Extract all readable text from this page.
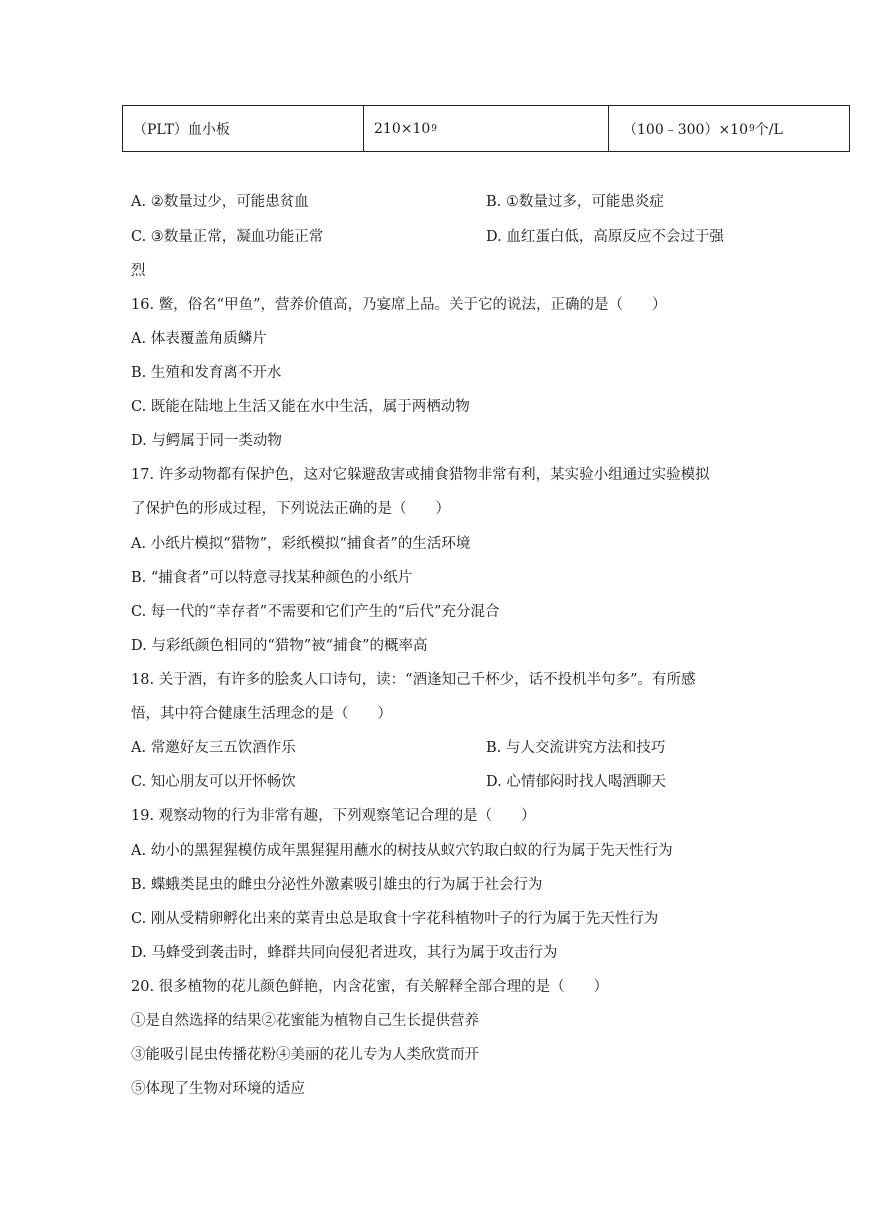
（PLT）血小板	210×10 9	（100﹣300）×10 9 个/L
A. ②数量过少，可能患贫血	B. ①数量过多，可能患炎症
C. ③数量正常，凝血功能正常	D. 血红蛋白低，高原反应不会过于强
烈
16. 鳖，俗名“甲鱼”，营养价值高，乃宴席上品。关于它的说法，正确的是（　　）
A. 体表覆盖角质鳞片
B. 生殖和发育离不开水
C. 既能在陆地上生活又能在水中生活，属于两栖动物
D. 与鳄属于同一类动物
17. 许多动物都有保护色，这对它躲避敌害或捕食猎物非常有利，某实验小组通过实验模拟
了保护色的形成过程，下列说法正确的是（　　）
A. 小纸片模拟“猎物”，彩纸模拟“捕食者”的生活环境
B. “捕食者”可以特意寻找某种颜色的小纸片
C. 每一代的“幸存者”不需要和它们产生的“后代”充分混合
D. 与彩纸颜色相同的“猎物”被“捕食”的概率高
18. 关于酒，有许多的脍炙人口诗句，读：“酒逢知己千杯少，话不投机半句多”。有所感
悟，其中符合健康生活理念的是（　　）
A. 常邀好友三五饮酒作乐	B. 与人交流讲究方法和技巧
C. 知心朋友可以开怀畅饮	D. 心情郁闷时找人喝酒聊天
19. 观察动物的行为非常有趣，下列观察笔记合理的是（　　）
A. 幼小的黑猩猩模仿成年黑猩猩用蘸水的树技从蚁穴钓取白蚁的行为属于先天性行为
B. 蝶蛾类昆虫的雌虫分泌性外激素吸引雄虫的行为属于社会行为
C. 刚从受精卵孵化出来的菜青虫总是取食十字花科植物叶子的行为属于先天性行为
D. 马蜂受到袭击时，蜂群共同向侵犯者进攻，其行为属于攻击行为
20. 很多植物的花儿颜色鲜艳，内含花蜜，有关解释全部合理的是（　　）
①是自然选择的结果②花蜜能为植物自己生长提供营养
③能吸引昆虫传播花粉④美丽的花儿专为人类欣赏而开
⑤体现了生物对环境的适应
